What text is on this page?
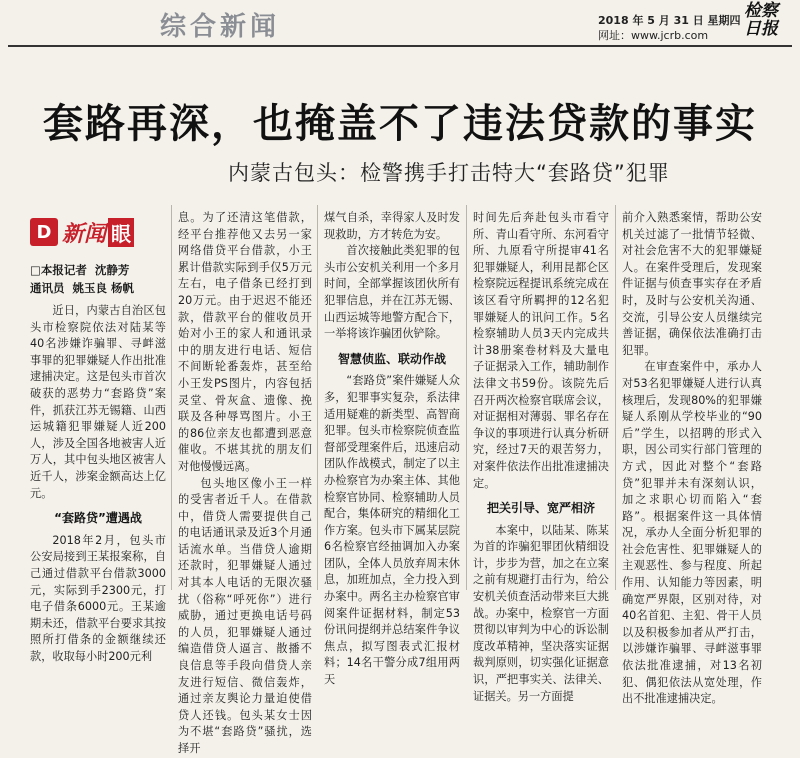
综合新闻	2018 年 5 月 31 日 星期四
网址：www.jcrb.com
检察日报
套路再深，也掩盖不了违法贷款的事实
内蒙古包头：检警携手打击特大“套路贷”犯罪
D 新闻 眼
□本报记者 沈静芳
通讯员 姚玉良 杨帆

近日，内蒙古自治区包头市检察院依法对陆某等40名涉嫌诈骗罪、寻衅滋事罪的犯罪嫌疑人作出批准逮捕决定。这是包头市首次破获的恶势力“套路贷”案件，抓获江苏无锡籍、山西运城籍犯罪嫌疑人近200人，涉及全国各地被害人近万人，其中包头地区被害人近千人，涉案金额高达上亿元。

“套路贷”遭遇战

2018年2月，包头市公安局接到王某报案称，自己通过借款平台借款3000元，实际到手2300元，打电子借条6000元。王某逾期未还，借款平台要求其按照所打借条的金额继续还款，收取每小时200元利

息。为了还清这笔借款，经平台推荐他又去另一家网络借贷平台借款，小王累计借款实际到手仅5万元左右，电子借条已经打到20万元。由于迟迟不能还款，借款平台的催收员开始对小王的家人和通讯录中的朋友进行电话、短信不间断轮番轰炸，甚至给小王发PS图片，内容包括灵堂、骨灰盒、遗像、挽联及各种辱骂图片。小王的86位亲友也都遭到恶意催收。不堪其扰的朋友们对他慢慢远离。

包头地区像小王一样的受害者近千人。在借款中，借贷人需要提供自己的电话通讯录及近3个月通话流水单。当借贷人逾期还款时，犯罪嫌疑人通过对其本人电话的无限次骚扰（俗称“呼死你”）进行威胁，通过更换电话号码的人员，犯罪嫌疑人通过编造借贷人逼言、散播不良信息等手段向借贷人亲友进行短信、微信轰炸，通过亲友舆论力量迫使借贷人还钱。包头某女士因为不堪“套路贷”骚扰，选择开

煤气自杀，幸得家人及时发现救助，方才转危为安。

首次接触此类犯罪的包头市公安机关利用一个多月时间，全部掌握该团伙所有犯罪信息，并在江苏无锡、山西运城等地警方配合下，一举将该诈骗团伙铲除。

智慧侦监、联动作战

“套路贷”案件嫌疑人众多，犯罪事实复杂，系法律适用疑难的新类型、高智商犯罪。包头市检察院侦查监督部受理案件后，迅速启动团队作战模式，制定了以主办检察官为办案主体、其他检察官协同、检察辅助人员配合，集体研究的精细化工作方案。包头市下属某层院6名检察官经抽调加入办案团队，全体人员放弃周末休息，加班加点，全力投入到办案中。两名主办检察官审阅案件证据材料，制定53份讯问提纲并总结案件争议焦点，拟写图表式汇报材料；14名干警分成7组用两天

时间先后奔赴包头市看守所、青山看守所、东河看守所、九原看守所提审41名犯罪嫌疑人，利用昆都仑区检察院远程提讯系统完成在该区看守所羁押的12名犯罪嫌疑人的讯问工作。5名检察辅助人员3天内完成共计38册案卷材料及大量电子证据录入工作，辅助制作法律文书59份。该院先后召开两次检察官联席会议，对证据相对薄弱、罪名存在争议的事项进行认真分析研究，经过7天的艰苦努力，对案件依法作出批准逮捕决定。

把关引导、宽严相济

本案中，以陆某、陈某为首的诈骗犯罪团伙精细设计，步步为营，加之在立案之前有规避打击行为，给公安机关侦查活动带来巨大挑战。办案中，检察官一方面贯彻以审判为中心的诉讼制度改革精神，坚决落实证据裁判原则，切实强化证据意识，严把事实关、法律关、证据关。另一方面提

前介入熟悉案情，帮助公安机关过滤了一批情节轻微、对社会危害不大的犯罪嫌疑人。在案件受理后，发现案件证据与侦查事实存在矛盾时，及时与公安机关沟通、交流，引导公安人员继续完善证据，确保依法准确打击犯罪。

在审查案件中，承办人对53名犯罪嫌疑人进行认真核理后，发现80%的犯罪嫌疑人系刚从学校毕业的“90后”学生，以招聘的形式入职，因公司实行部门管理的方式，因此对整个“套路贷”犯罪并未有深刻认识，加之求职心切而陷入“套路”。根据案件这一具体情况，承办人全面分析犯罪的社会危害性、犯罪嫌疑人的主观恶性、参与程度、所起作用、认知能力等因素，明确宽严界限，区别对待，对40名首犯、主犯、骨干人员以及积极参加者从严打击，以涉嫌诈骗罪、寻衅滋事罪依法批准逮捕，对13名初犯、偶犯依法从宽处理，作出不批准逮捕决定。
